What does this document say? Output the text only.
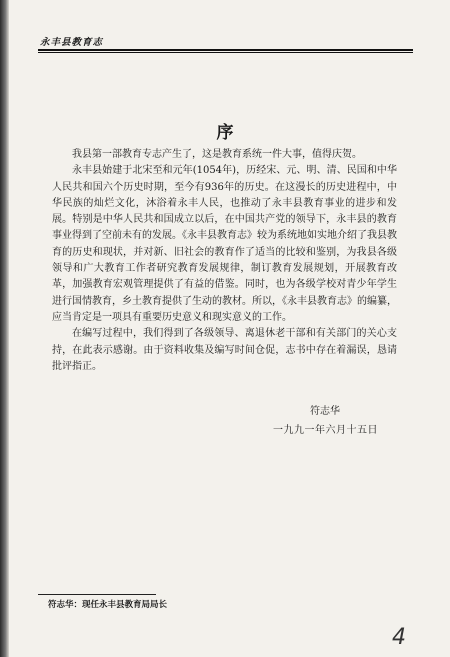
永丰县教育志
序

我县第一部教育专志产生了，这是教育系统一件大事，值得庆贺。

永丰县始建于北宋至和元年(1054年)，历经宋、元、明、清、民国和中华人民共和国六个历史时期，至今有936年的历史。在这漫长的历史进程中，中华民族的灿烂文化，沐浴着永丰人民，也推动了永丰县教育事业的进步和发展。特别是中华人民共和国成立以后，在中国共产党的领导下，永丰县的教育事业得到了空前未有的发展。《永丰县教育志》较为系统地如实地介绍了我县教育的历史和现状，并对新、旧社会的教育作了适当的比较和鉴别，为我县各级领导和广大教育工作者研究教育发展规律，制订教育发展规划，开展教育改革，加强教育宏观管理提供了有益的借鉴。同时，也为各级学校对青少年学生进行国情教育，乡土教育提供了生动的教材。所以，《永丰县教育志》的编纂，应当肯定是一项具有重要历史意义和现实意义的工作。

在编写过程中，我们得到了各级领导、离退休老干部和有关部门的关心支持，在此表示感谢。由于资料收集及编写时间仓促，志书中存在着漏误，恳请批评指正。

符志华
一九九一年六月十五日
符志华：现任永丰县教育局局长
4
